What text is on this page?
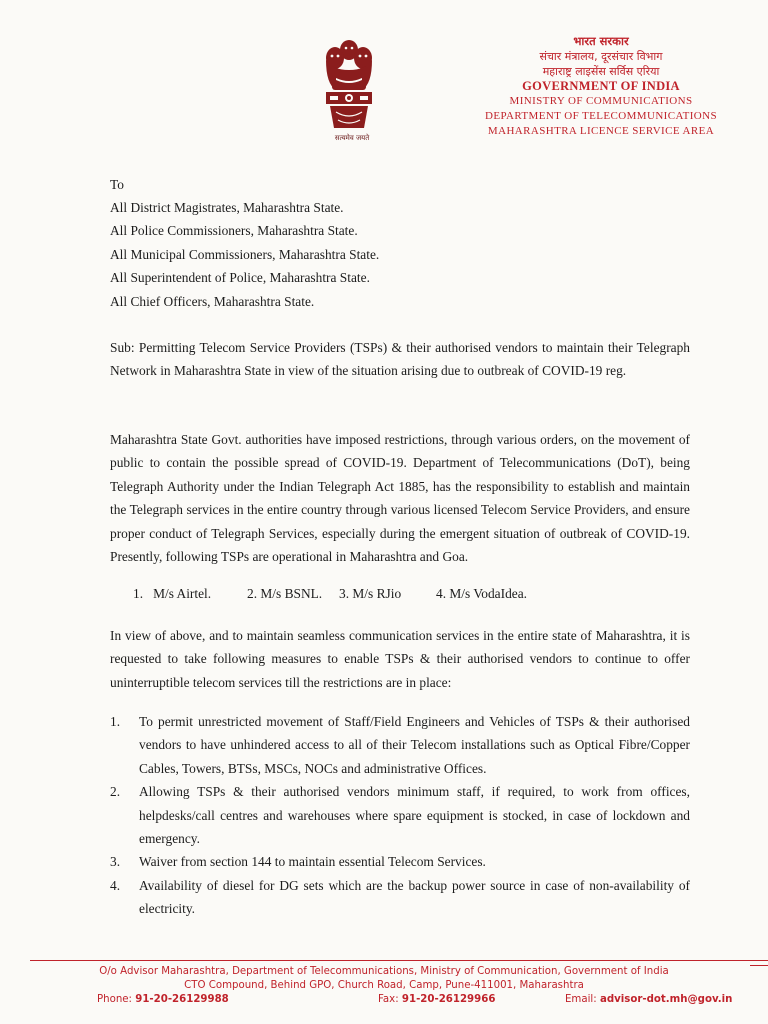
सत्यमेव जयते
भारत सरकार
संचार मंत्रालय, दूरसंचार विभाग
महाराष्ट्र लाइसेंस सर्विस एरिया
GOVERNMENT OF INDIA
MINISTRY OF COMMUNICATIONS
DEPARTMENT OF TELECOMMUNICATIONS
MAHARASHTRA LICENCE SERVICE AREA
To
All District Magistrates, Maharashtra State.
All Police Commissioners, Maharashtra State.
All Municipal Commissioners, Maharashtra State.
All Superintendent of Police, Maharashtra State.
All Chief Officers, Maharashtra State.
Sub: Permitting Telecom Service Providers (TSPs) & their authorised vendors to maintain their Telegraph Network in Maharashtra State in view of the situation arising due to outbreak of COVID-19 reg.
Maharashtra State Govt. authorities have imposed restrictions, through various orders, on the movement of public to contain the possible spread of COVID-19. Department of Telecommunications (DoT), being Telegraph Authority under the Indian Telegraph Act 1885, has the responsibility to establish and maintain the Telegraph services in the entire country through various licensed Telecom Service Providers, and ensure proper conduct of Telegraph Services, especially during the emergent situation of outbreak of COVID-19. Presently, following TSPs are operational in Maharashtra and Goa.
1.   M/s Airtel.	2. M/s BSNL.	3. M/s RJio	4. M/s VodaIdea.
In view of above, and to maintain seamless communication services in the entire state of Maharashtra, it is requested to take following measures to enable TSPs & their authorised vendors to continue to offer uninterruptible telecom services till the restrictions are in place:
1.	To permit unrestricted movement of Staff/Field Engineers and Vehicles of TSPs & their authorised vendors to have unhindered access to all of their Telecom installations such as Optical Fibre/Copper Cables, Towers, BTSs, MSCs, NOCs and administrative Offices.
2.	Allowing TSPs & their authorised vendors minimum staff, if required, to work from offices, helpdesks/call centres and warehouses where spare equipment is stocked, in case of lockdown and emergency.
3.	Waiver from section 144 to maintain essential Telecom Services.
4.	Availability of diesel for DG sets which are the backup power source in case of non-availability of electricity.
O/o Advisor Maharashtra, Department of Telecommunications, Ministry of Communication, Government of India
CTO Compound, Behind GPO, Church Road, Camp, Pune-411001, Maharashtra
Phone: 91-20-26129988	Fax: 91-20-26129966	Email: advisor-dot.mh@gov.in
